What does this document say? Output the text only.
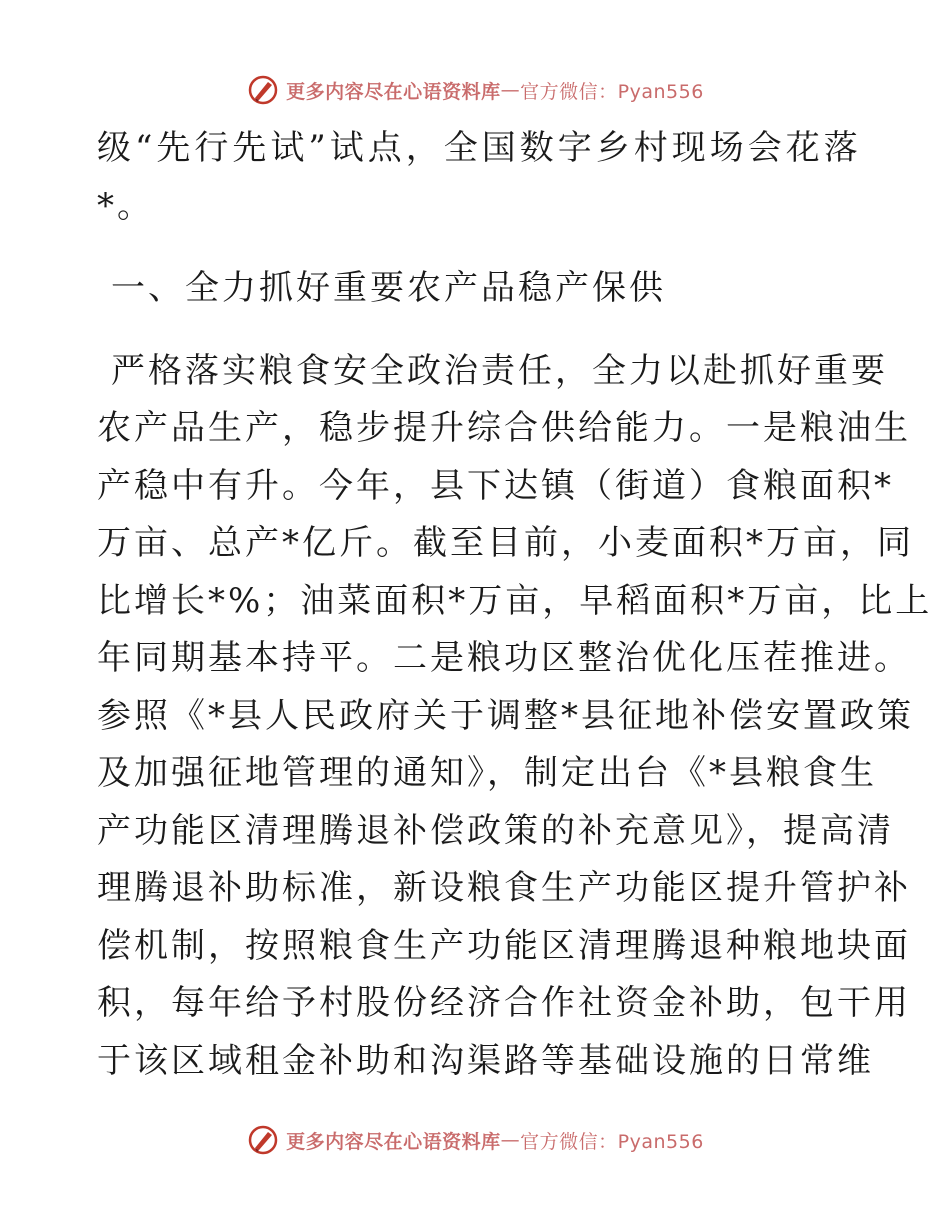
更多内容尽在心语资料库 — 官方微信：Pyan556
级“先行先试”试点，全国数字乡村现场会花落
*。
一、全力抓好重要农产品稳产保供
严格落实粮食安全政治责任，全力以赴抓好重要
农产品生产，稳步提升综合供给能力。一是粮油生
产稳中有升。今年，县下达镇（街道）食粮面积*
万亩、总产*亿斤。截至目前，小麦面积*万亩，同
比增长*%；油菜面积*万亩，早稻面积*万亩，比上
年同期基本持平。二是粮功区整治优化压茬推进。
参照《*县人民政府关于调整*县征地补偿安置政策
及加强征地管理的通知》，制定出台《*县粮食生
产功能区清理腾退补偿政策的补充意见》，提高清
理腾退补助标准，新设粮食生产功能区提升管护补
偿机制，按照粮食生产功能区清理腾退种粮地块面
积，每年给予村股份经济合作社资金补助，包干用
于该区域租金补助和沟渠路等基础设施的日常维
更多内容尽在心语资料库 — 官方微信：Pyan556
